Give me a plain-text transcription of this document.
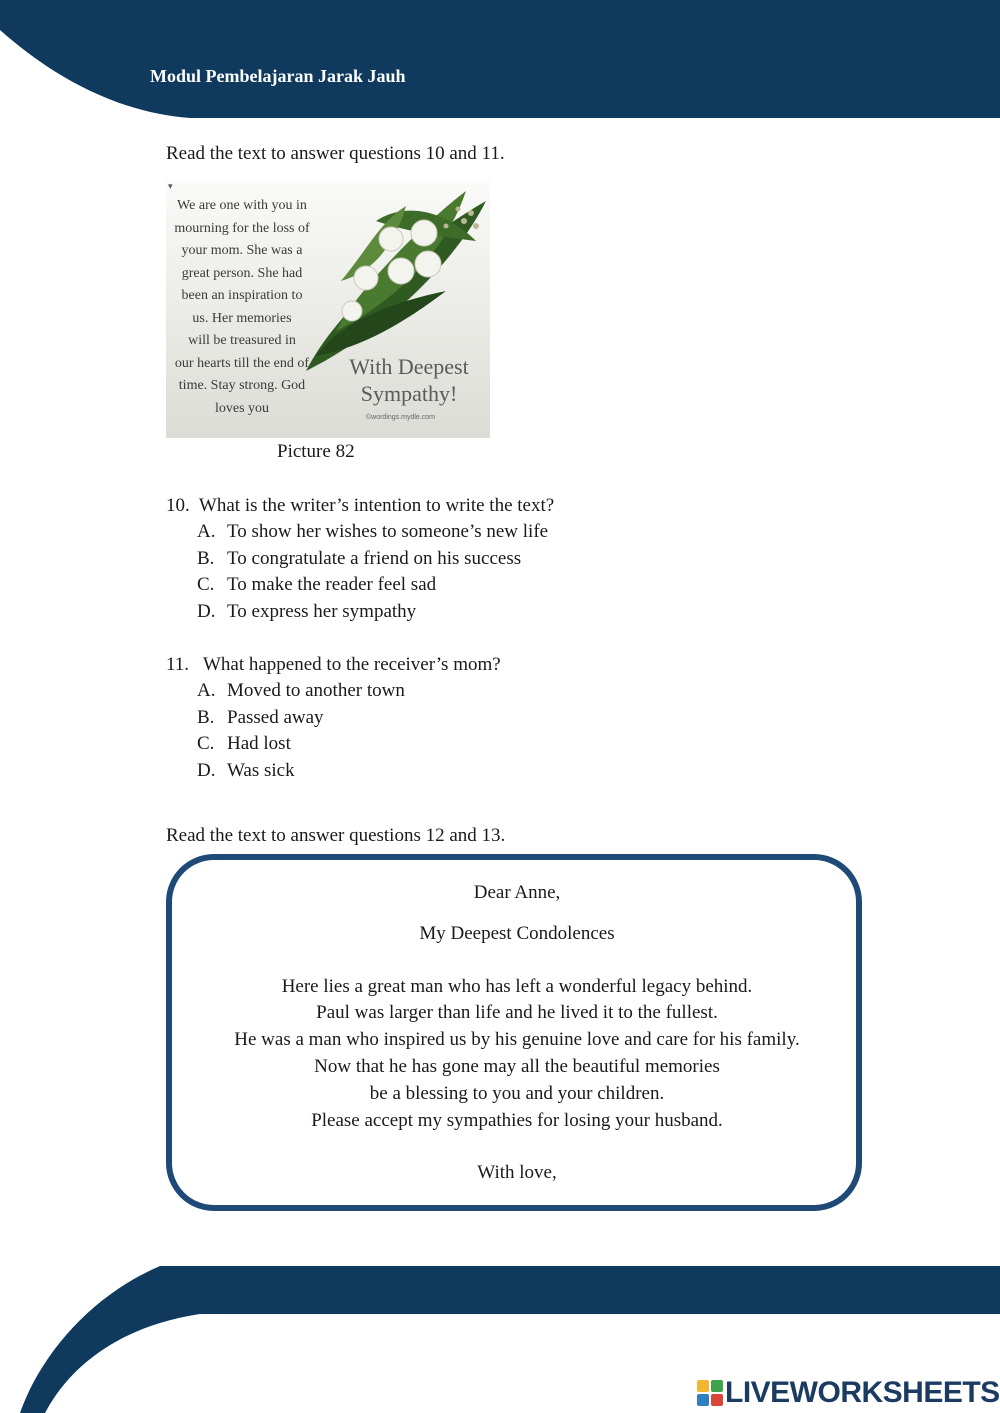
Modul Pembelajaran Jarak Jauh
Read the text to answer questions 10 and 11.
▾
We are one with you in
mourning for the loss of
your mom. She was a
great person. She had
been an inspiration to
us. Her memories
will be treasured in
our hearts till the end of
time. Stay strong. God
loves you
With Deepest
Sympathy!
©wordings.mydle.com
Picture 82
10. What is the writer’s intention to write the text?
A. To show her wishes to someone’s new life
B. To congratulate a friend on his success
C. To make the reader feel sad
D. To express her sympathy
11. What happened to the receiver’s mom?
A. Moved to another town
B. Passed away
C. Had lost
D. Was sick
Read the text to answer questions 12 and 13.
Dear Anne,
My Deepest Condolences
Here lies a great man who has left a wonderful legacy behind.
Paul was larger than life and he lived it to the fullest.
He was a man who inspired us by his genuine love and care for his family.
Now that he has gone may all the beautiful memories
be a blessing to you and your children.
Please accept my sympathies for losing your husband.
With love,
LIVEWORKSHEETS
